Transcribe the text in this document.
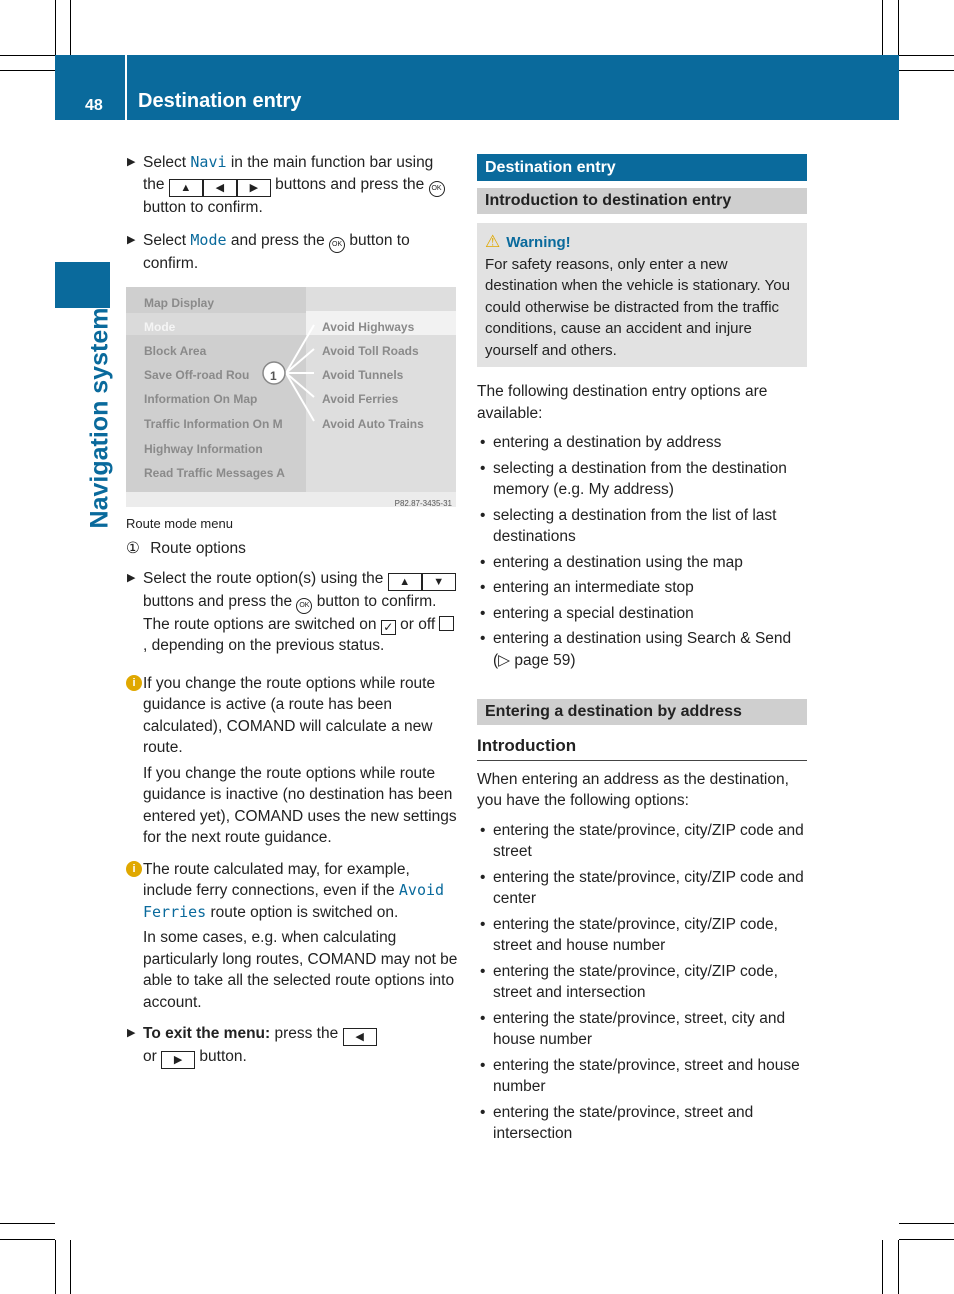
48 Destination entry
Navigation system
▶ Select Navi in the main function bar using the ▲ ◀ ▶ buttons and press the OK button to confirm.
▶ Select Mode and press the OK button to confirm.
Map Display
Mode
Block Area
Save Off-road Rou
Information On Map
Traffic Information On M
Highway Information
Read Traffic Messages A
Avoid Highways
Avoid Toll Roads
Avoid Tunnels
Avoid Ferries
Avoid Auto Trains
1
P82.87-3435-31
Route mode menu
① Route options
▶ Select the route option(s) using the ▲ ▼ buttons and press the OK button to confirm.
The route options are switched on ✓ or off , depending on the previous status.
i If you change the route options while route guidance is active (a route has been calculated), COMAND will calculate a new route.

If you change the route options while route guidance is inactive (no destination has been entered yet), COMAND uses the new settings for the next route guidance.

i The route calculated may, for example, include ferry connections, even if the Avoid Ferries route option is switched on.

In some cases, e.g. when calculating particularly long routes, COMAND may not be able to take all the selected route options into account.

▶ To exit the menu: press the ◀
or ▶ button.
Destination entry
Introduction to destination entry
⚠ Warning!
For safety reasons, only enter a new destination when the vehicle is stationary. You could otherwise be distracted from the traffic conditions, cause an accident and injure yourself and others.
The following destination entry options are available:
• entering a destination by address
• selecting a destination from the destination memory (e.g. My address)
• selecting a destination from the list of last destinations
• entering a destination using the map
• entering an intermediate stop
• entering a special destination
• entering a destination using Search & Send (▷ page 59)
Entering a destination by address
Introduction
When entering an address as the destination, you have the following options:
• entering the state/province, city/ZIP code and street
• entering the state/province, city/ZIP code and center
• entering the state/province, city/ZIP code, street and house number
• entering the state/province, city/ZIP code, street and intersection
• entering the state/province, street, city and house number
• entering the state/province, street and house number
• entering the state/province, street and intersection
